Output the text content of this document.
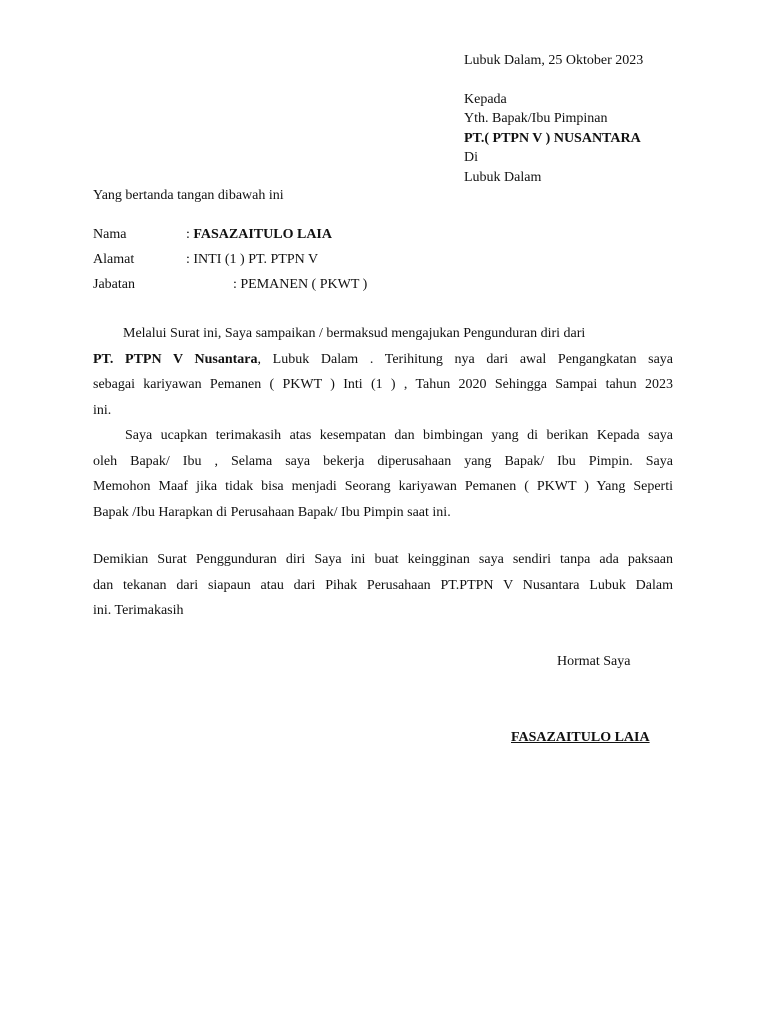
Lubuk Dalam, 25 Oktober 2023
Kepada
Yth. Bapak/Ibu Pimpinan
PT.( PTPN V ) NUSANTARA
Di
Lubuk Dalam
Yang bertanda tangan dibawah ini
Nama	: FASAZAITULO LAIA
Alamat	: INTI (1 ) PT. PTPN V
Jabatan	: PEMANEN ( PKWT )
Melalui Surat ini, Saya sampaikan / bermaksud mengajukan Pengunduran diri dari
PT. PTPN V Nusantara, Lubuk Dalam . Terihitung nya dari awal Pengangkatan saya
sebagai kariyawan Pemanen ( PKWT ) Inti (1 ) , Tahun 2020 Sehingga Sampai tahun 2023
ini.
Saya ucapkan terimakasih atas kesempatan dan bimbingan yang di berikan Kepada saya
oleh Bapak/ Ibu , Selama saya bekerja diperusahaan yang Bapak/ Ibu Pimpin. Saya
Memohon Maaf jika tidak bisa menjadi Seorang kariyawan Pemanen ( PKWT ) Yang Seperti
Bapak /Ibu Harapkan di Perusahaan Bapak/ Ibu Pimpin saat ini.
Demikian Surat Penggunduran diri Saya ini buat keingginan saya sendiri tanpa ada paksaan
dan tekanan dari siapaun atau dari Pihak Perusahaan PT.PTPN V Nusantara Lubuk Dalam
ini. Terimakasih
Hormat Saya
FASAZAITULO LAIA
